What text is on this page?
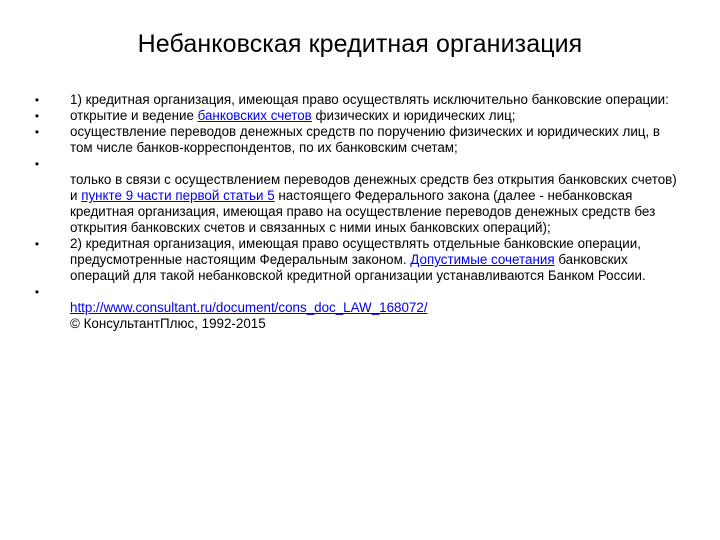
Небанковская кредитная организация

• 1) кредитная организация, имеющая право осуществлять исключительно банковские операции:

• открытие и ведение банковских счетов физических и юридических лиц;

• осуществление переводов денежных средств по поручению физических и юридических лиц, в том числе банков-корреспондентов, по их банковским счетам;

•
только в связи с осуществлением переводов денежных средств без открытия банковских счетов) и пункте 9 части первой статьи 5 настоящего Федерального закона (далее - небанковская кредитная организация, имеющая право на осуществление переводов денежных средств без открытия банковских счетов и связанных с ними иных банковских операций);

• 2) кредитная организация, имеющая право осуществлять отдельные банковские операции, предусмотренные настоящим Федеральным законом. Допустимые сочетания банковских операций для такой небанковской кредитной организации устанавливаются Банком России.

•
http://www.consultant.ru/document/cons_doc_LAW_168072/
© КонсультантПлюс, 1992-2015
